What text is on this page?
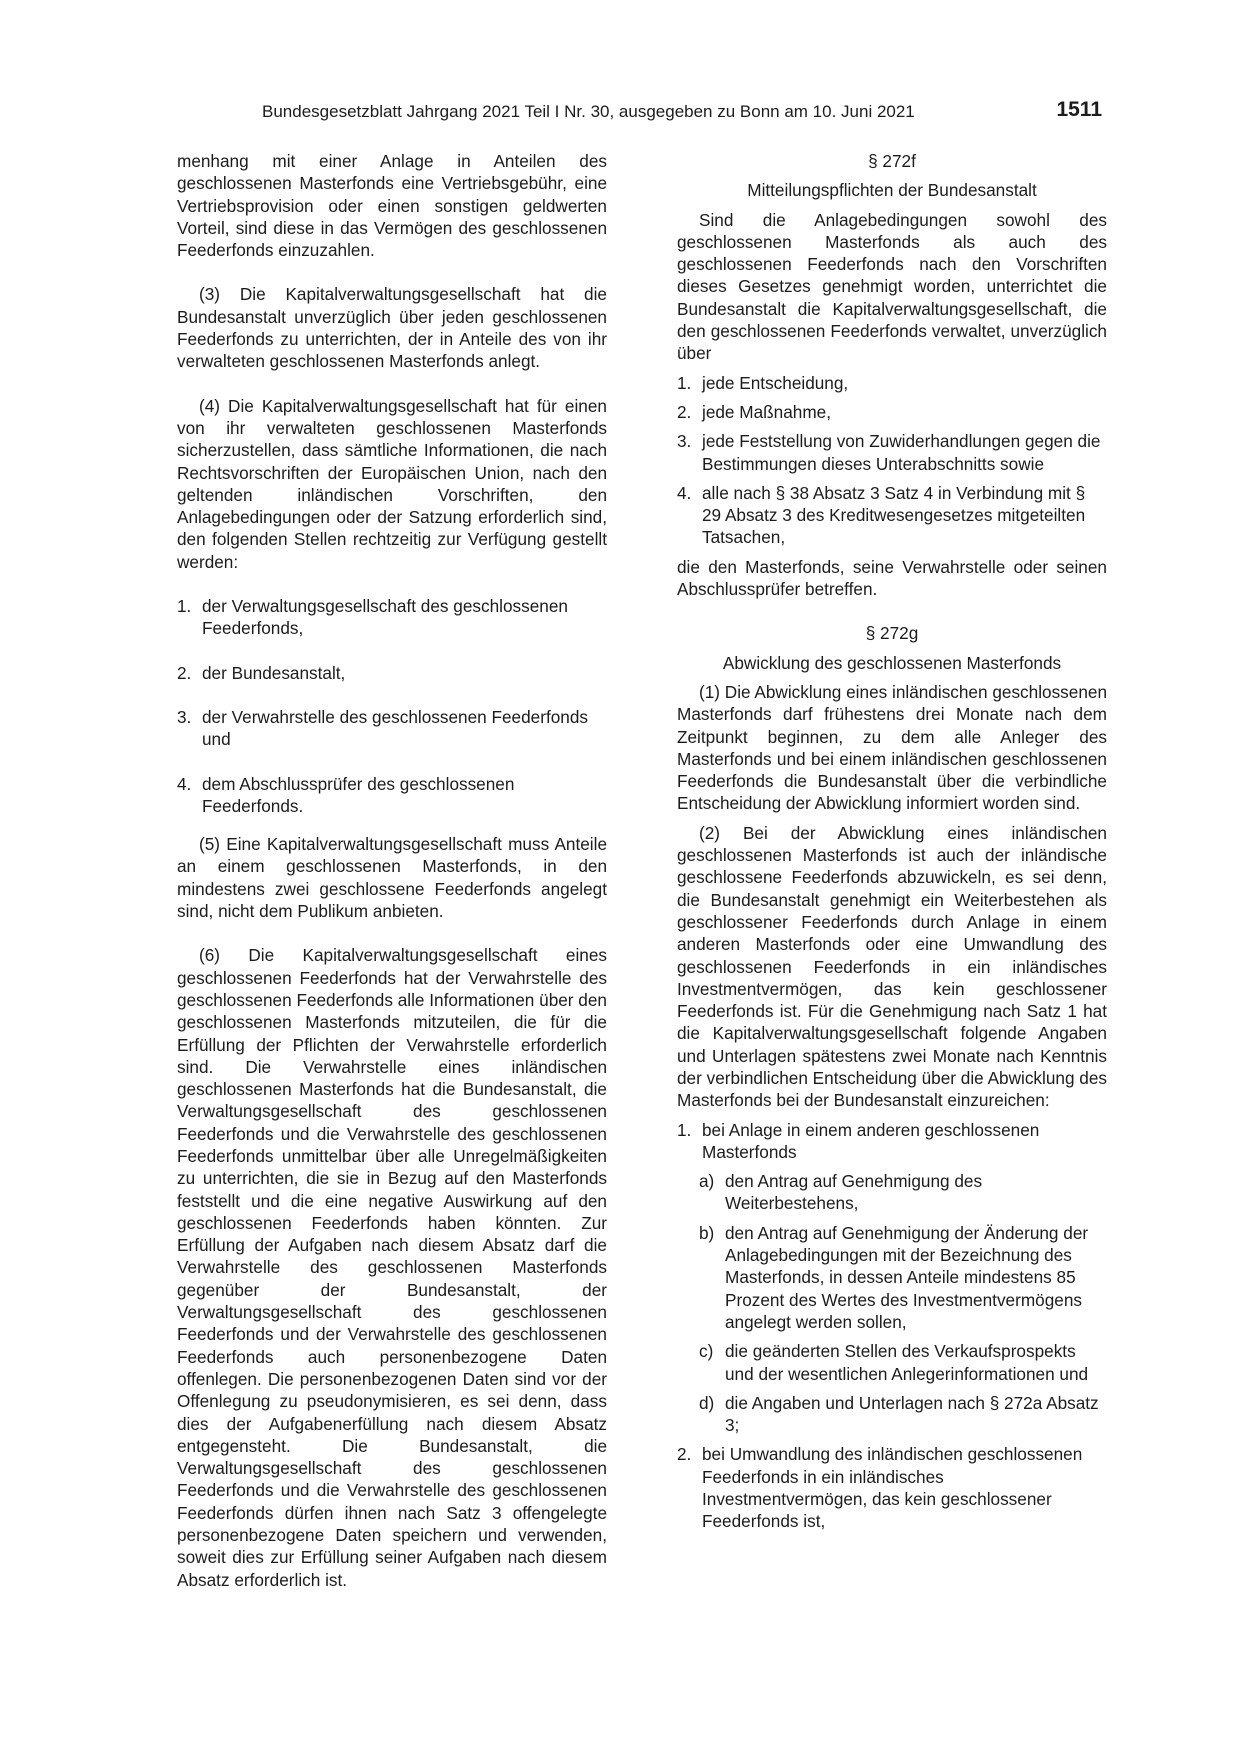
Bundesgesetzblatt Jahrgang 2021 Teil I Nr. 30, ausgegeben zu Bonn am 10. Juni 2021	1511

menhang mit einer Anlage in Anteilen des geschlossenen Masterfonds eine Vertriebsgebühr, eine Vertriebsprovision oder einen sonstigen geldwerten Vorteil, sind diese in das Vermögen des geschlossenen Feederfonds einzuzahlen.

(3) Die Kapitalverwaltungsgesellschaft hat die Bundesanstalt unverzüglich über jeden geschlossenen Feederfonds zu unterrichten, der in Anteile des von ihr verwalteten geschlossenen Masterfonds anlegt.

(4) Die Kapitalverwaltungsgesellschaft hat für einen von ihr verwalteten geschlossenen Masterfonds sicherzustellen, dass sämtliche Informationen, die nach Rechtsvorschriften der Europäischen Union, nach den geltenden inländischen Vorschriften, den Anlagebedingungen oder der Satzung erforderlich sind, den folgenden Stellen rechtzeitig zur Verfügung gestellt werden:

1. der Verwaltungsgesellschaft des geschlossenen Feederfonds,
2. der Bundesanstalt,
3. der Verwahrstelle des geschlossenen Feederfonds und
4. dem Abschlussprüfer des geschlossenen Feederfonds.

(5) Eine Kapitalverwaltungsgesellschaft muss Anteile an einem geschlossenen Masterfonds, in den mindestens zwei geschlossene Feederfonds angelegt sind, nicht dem Publikum anbieten.

(6) Die Kapitalverwaltungsgesellschaft eines geschlossenen Feederfonds hat der Verwahrstelle des geschlossenen Feederfonds alle Informationen über den geschlossenen Masterfonds mitzuteilen, die für die Erfüllung der Pflichten der Verwahrstelle erforderlich sind. Die Verwahrstelle eines inländischen geschlossenen Masterfonds hat die Bundesanstalt, die Verwaltungsgesellschaft des geschlossenen Feederfonds und die Verwahrstelle des geschlossenen Feederfonds unmittelbar über alle Unregelmäßigkeiten zu unterrichten, die sie in Bezug auf den Masterfonds feststellt und die eine negative Auswirkung auf den geschlossenen Feederfonds haben könnten. Zur Erfüllung der Aufgaben nach diesem Absatz darf die Verwahrstelle des geschlossenen Masterfonds gegenüber der Bundesanstalt, der Verwaltungsgesellschaft des geschlossenen Feederfonds und der Verwahrstelle des geschlossenen Feederfonds auch personenbezogene Daten offenlegen. Die personenbezogenen Daten sind vor der Offenlegung zu pseudonymisieren, es sei denn, dass dies der Aufgabenerfüllung nach diesem Absatz entgegensteht. Die Bundesanstalt, die Verwaltungsgesellschaft des geschlossenen Feederfonds und die Verwahrstelle des geschlossenen Feederfonds dürfen ihnen nach Satz 3 offengelegte personenbezogene Daten speichern und verwenden, soweit dies zur Erfüllung seiner Aufgaben nach diesem Absatz erforderlich ist.

§ 272f

Mitteilungspflichten der Bundesanstalt

Sind die Anlagebedingungen sowohl des geschlossenen Masterfonds als auch des geschlossenen Feederfonds nach den Vorschriften dieses Gesetzes genehmigt worden, unterrichtet die Bundesanstalt die Kapitalverwaltungsgesellschaft, die den geschlossenen Feederfonds verwaltet, unverzüglich über

1. jede Entscheidung,
2. jede Maßnahme,
3. jede Feststellung von Zuwiderhandlungen gegen die Bestimmungen dieses Unterabschnitts sowie
4. alle nach § 38 Absatz 3 Satz 4 in Verbindung mit § 29 Absatz 3 des Kreditwesengesetzes mitgeteilten Tatsachen,

die den Masterfonds, seine Verwahrstelle oder seinen Abschlussprüfer betreffen.

§ 272g

Abwicklung des geschlossenen Masterfonds

(1) Die Abwicklung eines inländischen geschlossenen Masterfonds darf frühestens drei Monate nach dem Zeitpunkt beginnen, zu dem alle Anleger des Masterfonds und bei einem inländischen geschlossenen Feederfonds die Bundesanstalt über die verbindliche Entscheidung der Abwicklung informiert worden sind.

(2) Bei der Abwicklung eines inländischen geschlossenen Masterfonds ist auch der inländische geschlossene Feederfonds abzuwickeln, es sei denn, die Bundesanstalt genehmigt ein Weiterbestehen als geschlossener Feederfonds durch Anlage in einem anderen Masterfonds oder eine Umwandlung des geschlossenen Feederfonds in ein inländisches Investmentvermögen, das kein geschlossener Feederfonds ist. Für die Genehmigung nach Satz 1 hat die Kapitalverwaltungsgesellschaft folgende Angaben und Unterlagen spätestens zwei Monate nach Kenntnis der verbindlichen Entscheidung über die Abwicklung des Masterfonds bei der Bundesanstalt einzureichen:

1. bei Anlage in einem anderen geschlossenen Masterfonds
a) den Antrag auf Genehmigung des Weiterbestehens,
b) den Antrag auf Genehmigung der Änderung der Anlagebedingungen mit der Bezeichnung des Masterfonds, in dessen Anteile mindestens 85 Prozent des Wertes des Investmentvermögens angelegt werden sollen,
c) die geänderten Stellen des Verkaufsprospekts und der wesentlichen Anlegerinformationen und
d) die Angaben und Unterlagen nach § 272a Absatz 3;
2. bei Umwandlung des inländischen geschlossenen Feederfonds in ein inländisches Investmentvermögen, das kein geschlossener Feederfonds ist,
